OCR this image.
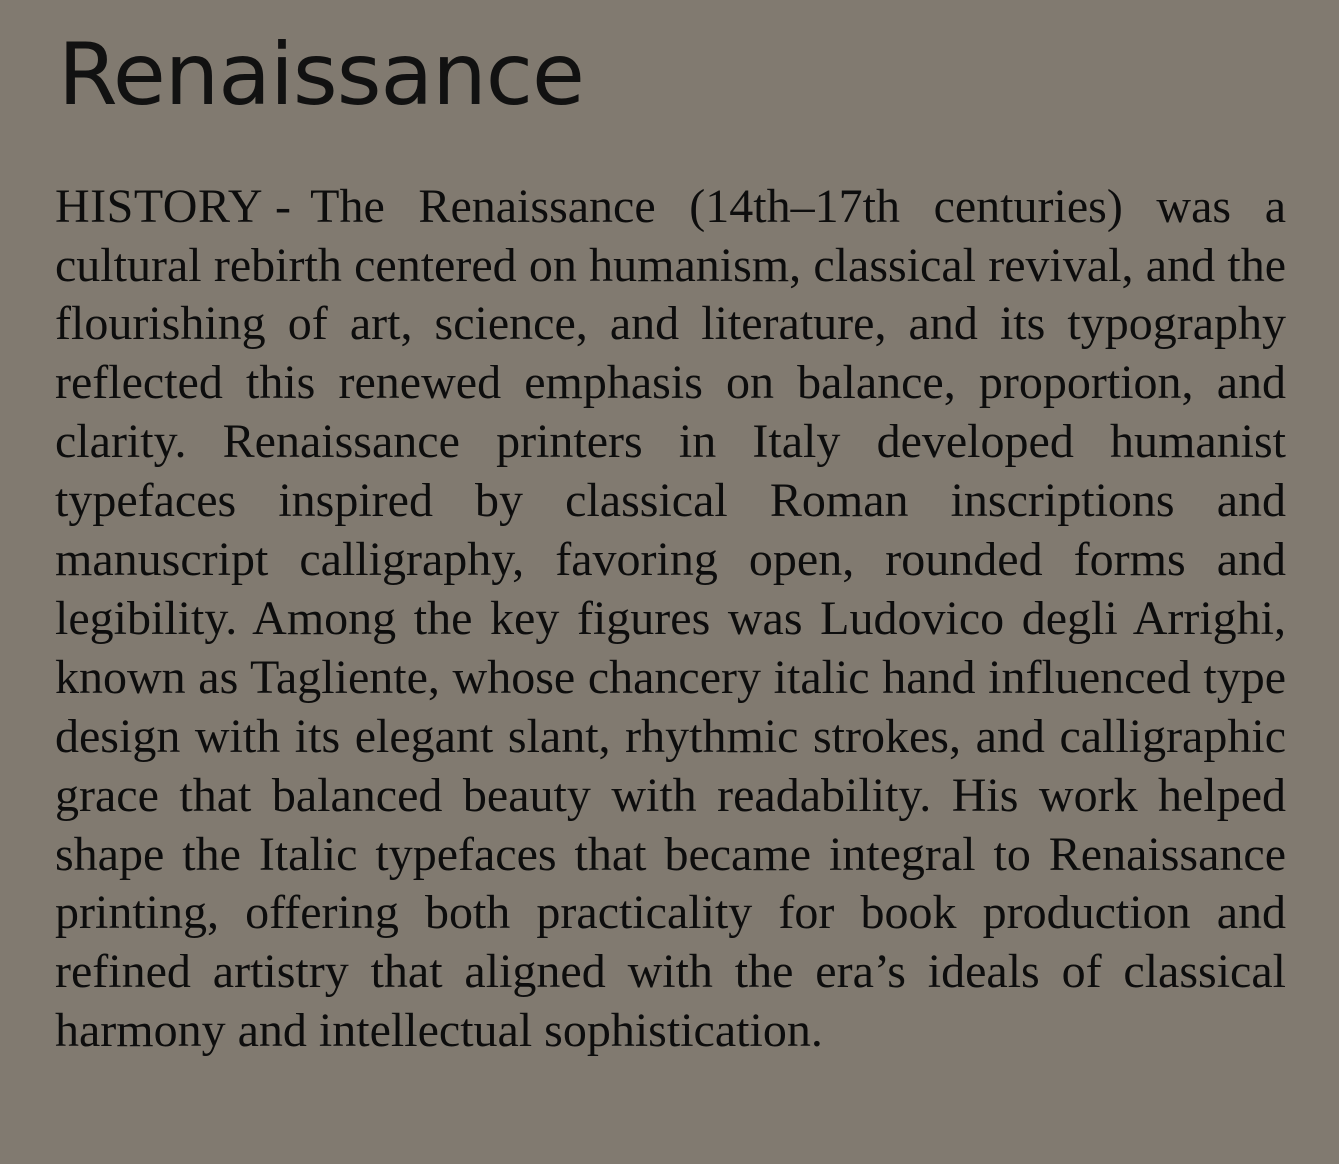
Renaissance

HISTORY - The Renaissance (14th–17th centuries) was a cultural rebirth centered on humanism, classical revival, and the flourishing of art, science, and literature, and its typography reflected this renewed emphasis on balance, proportion, and clarity. Renaissance printers in Italy developed humanist typefaces inspired by classical Roman inscriptions and manuscript calligraphy, favoring open, rounded forms and legibility. Among the key figures was Ludovico degli Arrighi, known as Tagliente, whose chancery italic hand influenced type design with its elegant slant, rhythmic strokes, and calligraphic grace that balanced beauty with readability. His work helped shape the Italic typefaces that became integral to Renaissance printing, offering both practicality for book production and refined artistry that aligned with the era’s ideals of classical harmony and intellectual sophistication.
